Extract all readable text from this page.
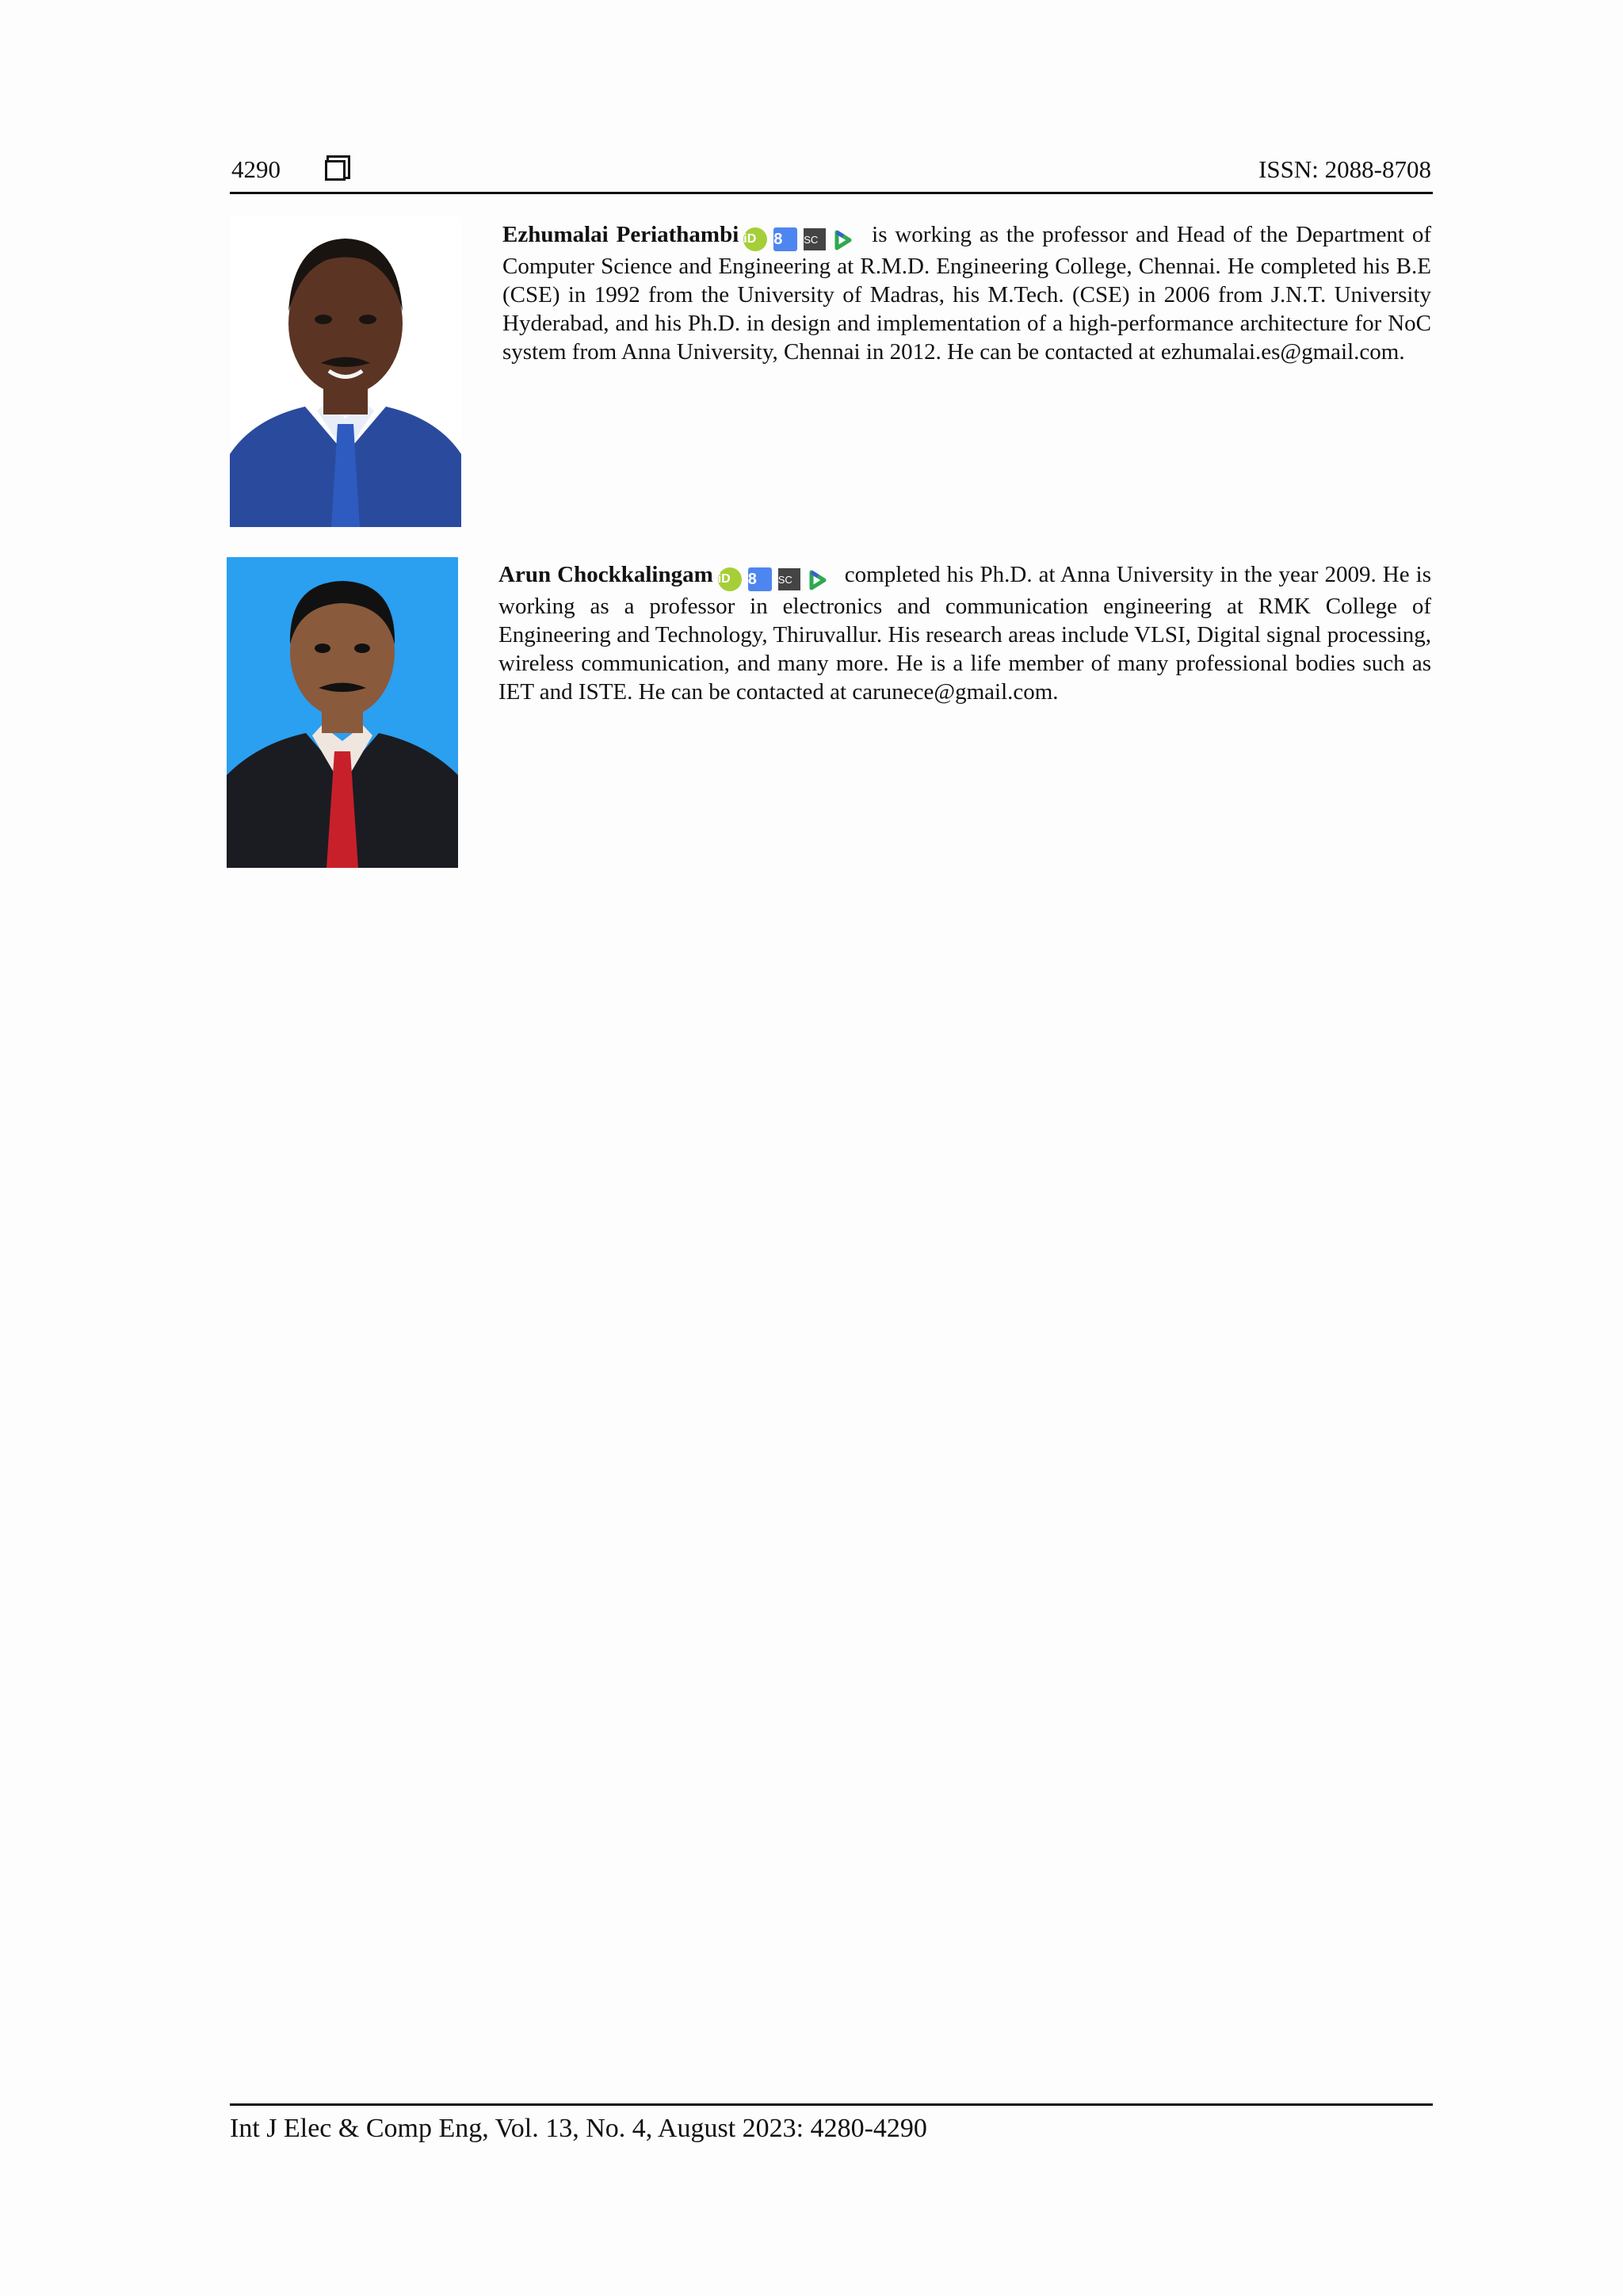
4290	ISSN: 2088-8708
Ezhumalai Periathambi iD 8 SC is working as the professor and Head of the Department of Computer Science and Engineering at R.M.D. Engineering College, Chennai. He completed his B.E (CSE) in 1992 from the University of Madras, his M.Tech. (CSE) in 2006 from J.N.T. University Hyderabad, and his Ph.D. in design and implementation of a high-performance architecture for NoC system from Anna University, Chennai in 2012. He can be contacted at ezhumalai.es@gmail.com.
Arun Chockkalingam iD 8 SC completed his Ph.D. at Anna University in the year 2009. He is working as a professor in electronics and communication engineering at RMK College of Engineering and Technology, Thiruvallur. His research areas include VLSI, Digital signal processing, wireless communication, and many more. He is a life member of many professional bodies such as IET and ISTE. He can be contacted at carunece@gmail.com.
Int J Elec & Comp Eng, Vol. 13, No. 4, August 2023: 4280-4290
